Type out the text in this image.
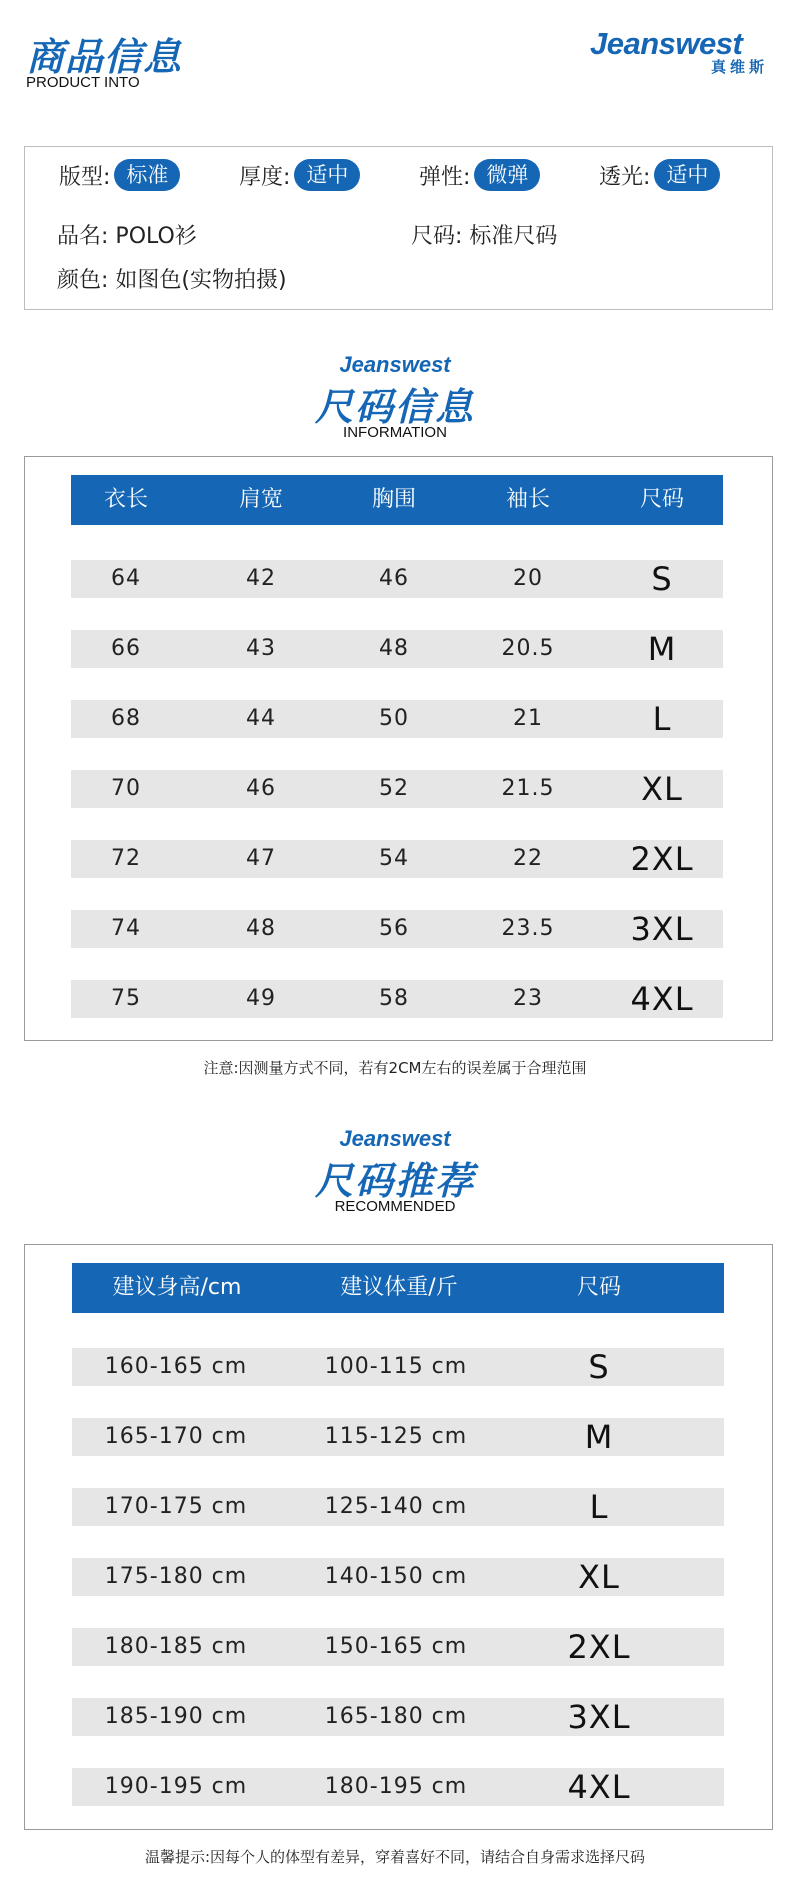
商品信息
PRODUCT INTO
Jeanswest
真维斯
版型: 标准	厚度: 适中	弹性: 微弹	透光: 适中
品名: POLO衫	尺码: 标准尺码
颜色: 如图色(实物拍摄)
Jeanswest
尺码信息
INFORMATION
衣长	肩宽	胸围	袖长	尺码
64	42	46	20	S
66	43	48	20.5	M
68	44	50	21	L
70	46	52	21.5	XL
72	47	54	22	2XL
74	48	56	23.5	3XL
75	49	58	23	4XL
注意:因测量方式不同，若有2CM左右的误差属于合理范围
Jeanswest
尺码推荐
RECOMMENDED
建议身高/cm	建议体重/斤	尺码
160-165 cm	100-115 cm	S
165-170 cm	115-125 cm	M
170-175 cm	125-140 cm	L
175-180 cm	140-150 cm	XL
180-185 cm	150-165 cm	2XL
185-190 cm	165-180 cm	3XL
190-195 cm	180-195 cm	4XL
温馨提示:因每个人的体型有差异，穿着喜好不同，请结合自身需求选择尺码
